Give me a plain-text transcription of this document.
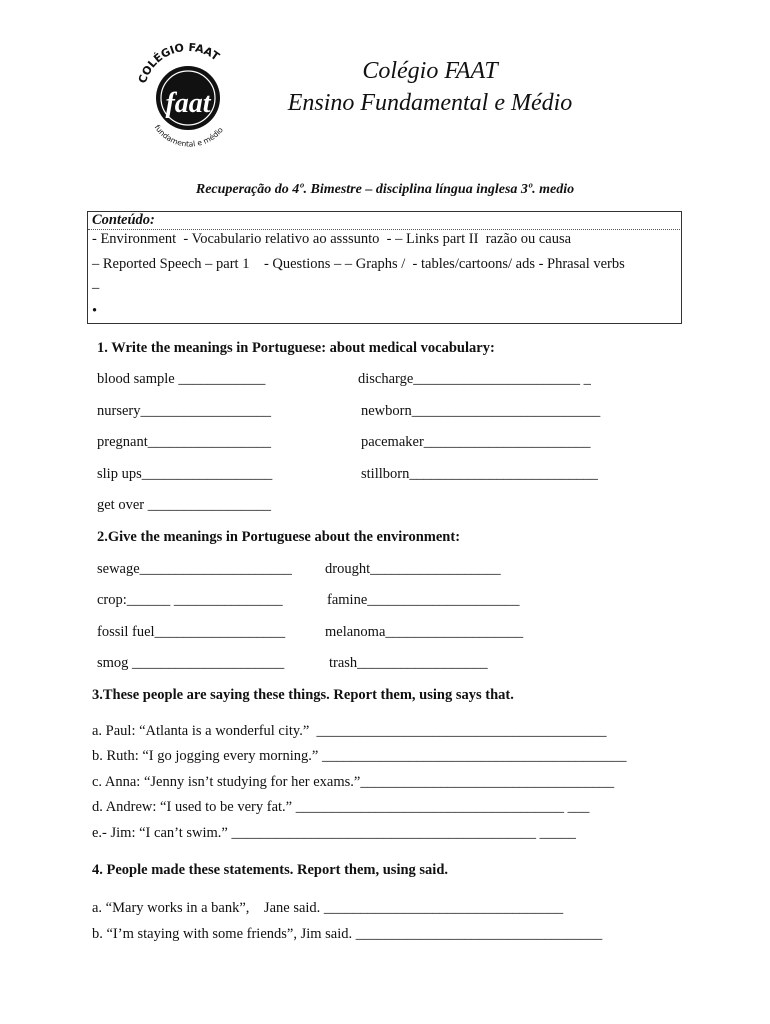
COLÉGIO FAAT
faat
fundamental e médio
Colégio FAAT
Ensino Fundamental e Médio
Recuperação do 4º. Bimestre – disciplina língua inglesa 3º. medio
Conteúdo:
- Environment  - Vocabulario relativo ao asssunto  - – Links part II  razão ou causa
– Reported Speech – part 1    - Questions – – Graphs /  - tables/cartoons/ ads - Phrasal verbs
–
•
1. Write the meanings in Portuguese: about medical vocabulary:
blood sample ____________
nursery__________________
pregnant_________________
slip ups__________________
get over _________________
discharge_______________________ _
newborn__________________________
pacemaker_______________________
stillborn__________________________
2.Give the meanings in Portuguese about the environment:
sewage_____________________
crop:______ _______________
fossil fuel__________________
smog _____________________
drought__________________
famine_____________________
melanoma___________________
trash__________________
3.These people are saying these things. Report them, using says that.
a. Paul: “Atlanta is a wonderful city.”  ________________________________________
b. Ruth: “I go jogging every morning.” __________________________________________
c. Anna: “Jenny isn’t studying for her exams.”___________________________________
d. Andrew: “I used to be very fat.” _____________________________________ ___
e.- Jim: “I can’t swim.” __________________________________________ _____
4. People made these statements. Report them, using said.
a. “Mary works in a bank”,    Jane said. _________________________________
b. “I’m staying with some friends”, Jim said. __________________________________
